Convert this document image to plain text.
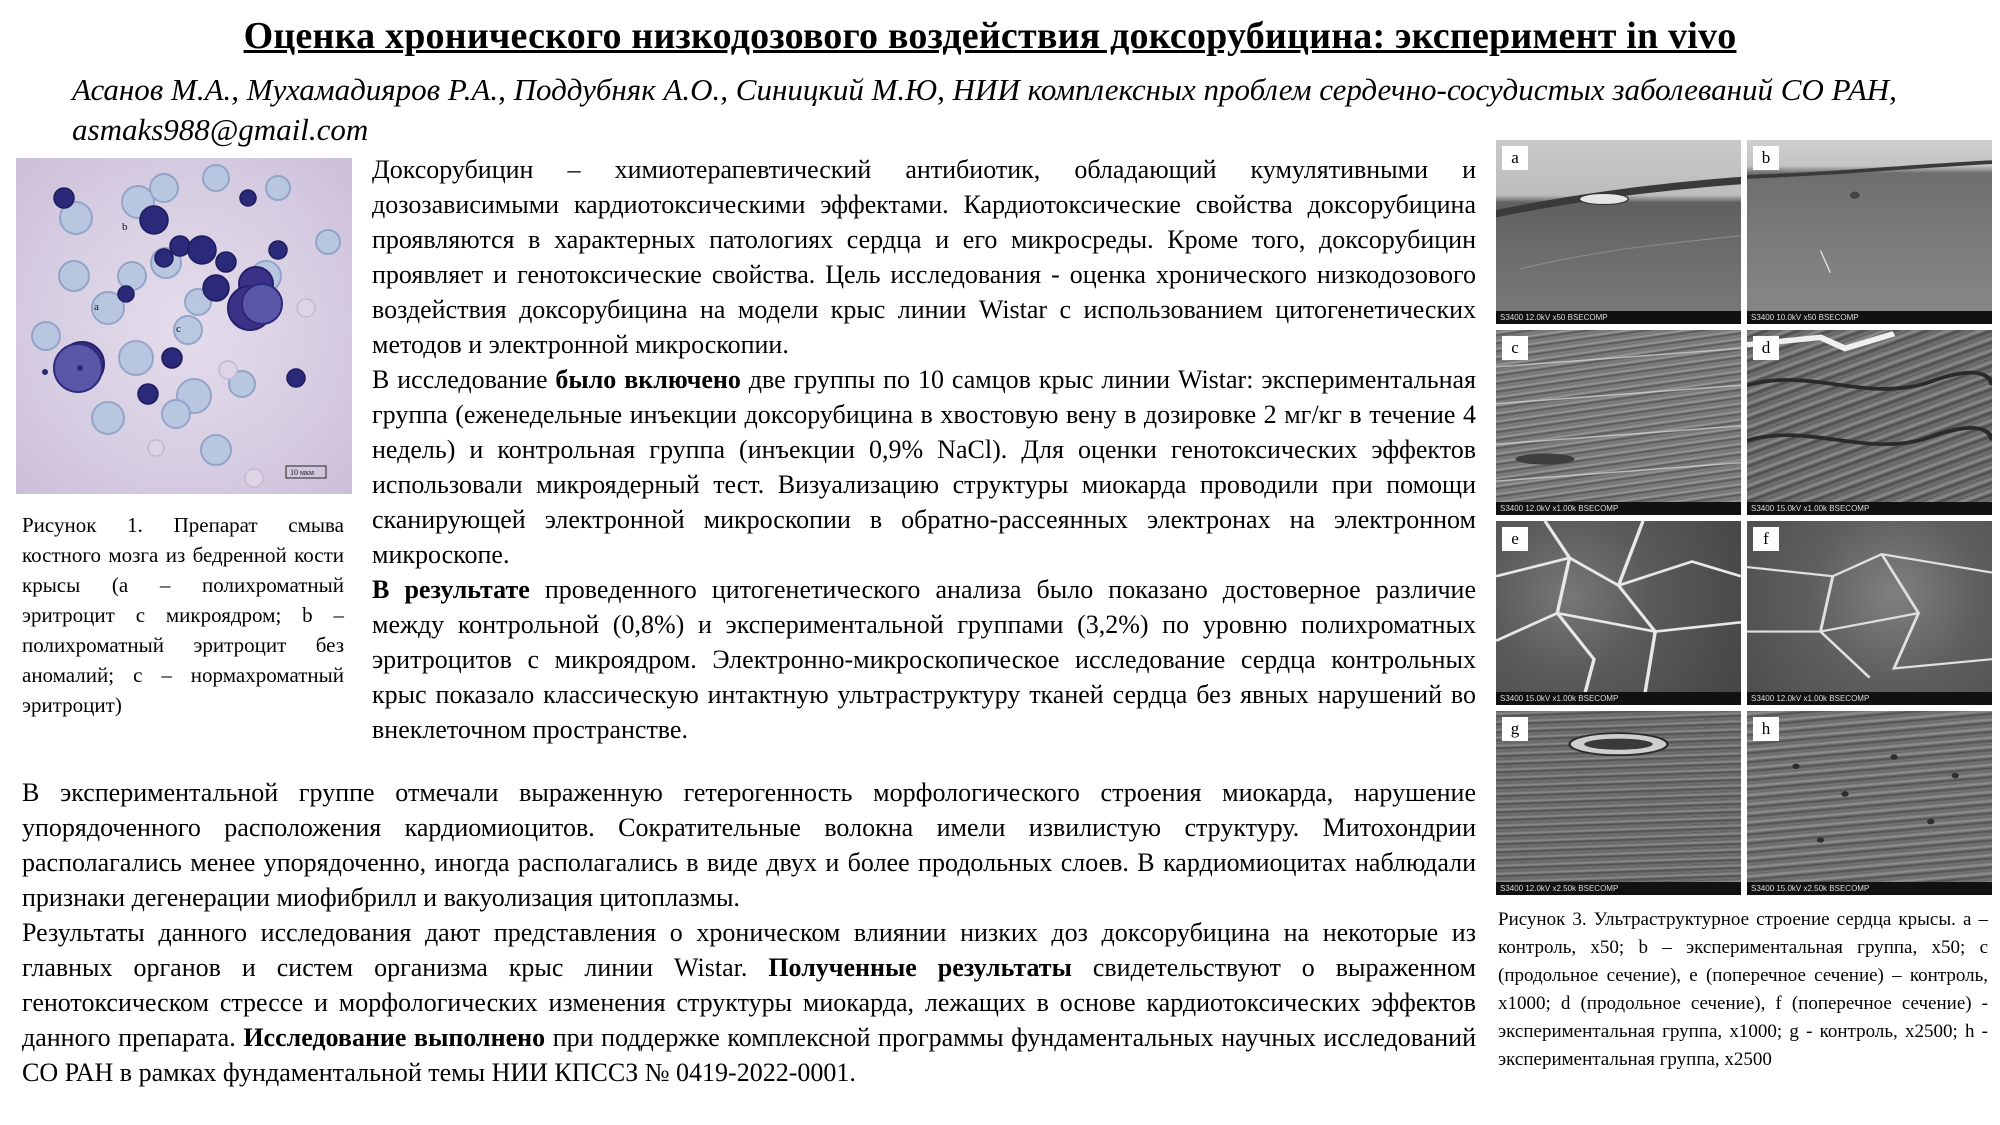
Оценка хронического низкодозового воздействия доксорубицина: эксперимент in vivo
Асанов М.А., Мухамадияров Р.А., Поддубняк А.О., Синицкий М.Ю, НИИ комплексных проблем сердечно-сосудистых заболеваний СО РАН, asmaks988@gmail.com
b
a
c
10 мкм
Рисунок 1. Препарат смыва костного мозга из бедренной кости крысы (a – полихроматный эритроцит с микроядром; b – полихроматный эритроцит без аномалий; c – нормахроматный эритроцит)

Доксорубицин – химиотерапевтический антибиотик, обладающий кумулятивными и дозозависимыми кардиотоксическими эффектами. Кардиотоксические свойства доксорубицина проявляются в характерных патологиях сердца и его микросреды. Кроме того, доксорубицин проявляет и генотоксические свойства. Цель исследования - оценка хронического низкодозового воздействия доксорубицина на модели крыс линии Wistar с использованием цитогенетических методов и электронной микроскопии.

В исследование было включено две группы по 10 самцов крыс линии Wistar: экспериментальная группа (еженедельные инъекции доксорубицина в хвостовую вену в дозировке 2 мг/кг в течение 4 недель) и контрольная группа (инъекции 0,9% NaCl). Для оценки генотоксических эффектов использовали микроядерный тест. Визуализацию структуры миокарда проводили при помощи сканирующей электронной микроскопии в обратно-рассеянных электронах на электронном микроскопе.

В результате проведенного цитогенетического анализа было показано достоверное различие между контрольной (0,8%) и экспериментальной группами (3,2%) по уровню полихроматных эритроцитов с микроядром. Электронно-микроскопическое исследование сердца контрольных крыс показало классическую интактную ультраструктуру тканей сердца без явных нарушений во внеклеточном пространстве.

В экспериментальной группе отмечали выраженную гетерогенность морфологического строения миокарда, нарушение упорядоченного расположения кардиомиоцитов. Сократительные волокна имели извилистую структуру. Митохондрии располагались менее упорядоченно, иногда располагались в виде двух и более продольных слоев. В кардиомиоцитах наблюдали признаки дегенерации миофибрилл и вакуолизация цитоплазмы.

Результаты данного исследования дают представления о хроническом влиянии низких доз доксорубицина на некоторые из главных органов и систем организма крыс линии Wistar. Полученные результаты свидетельствуют о выраженном генотоксическом стрессе и морфологических изменения структуры миокарда, лежащих в основе кардиотоксических эффектов данного препарата. Исследование выполнено при поддержке комплексной программы фундаментальных научных исследований СО РАН в рамках фундаментальной темы НИИ КПССЗ № 0419-2022-0001.

a
S3400 12.0kV x50 BSECOMP
b
S3400 10.0kV x50 BSECOMP
c
S3400 12.0kV x1.00k BSECOMP
d
S3400 15.0kV x1.00k BSECOMP
e
S3400 15.0kV x1.00k BSECOMP
f
S3400 12.0kV x1.00k BSECOMP
g
S3400 12.0kV x2.50k BSECOMP
h
S3400 15.0kV x2.50k BSECOMP
Рисунок 3. Ультраструктурное строение сердца крысы. a – контроль, x50; b – экспериментальная группа, x50; c (продольное сечение), e (поперечное сечение) – контроль, x1000; d (продольное сечение), f (поперечное сечение) - экспериментальная группа, x1000; g - контроль, x2500; h - экспериментальная группа, x2500
